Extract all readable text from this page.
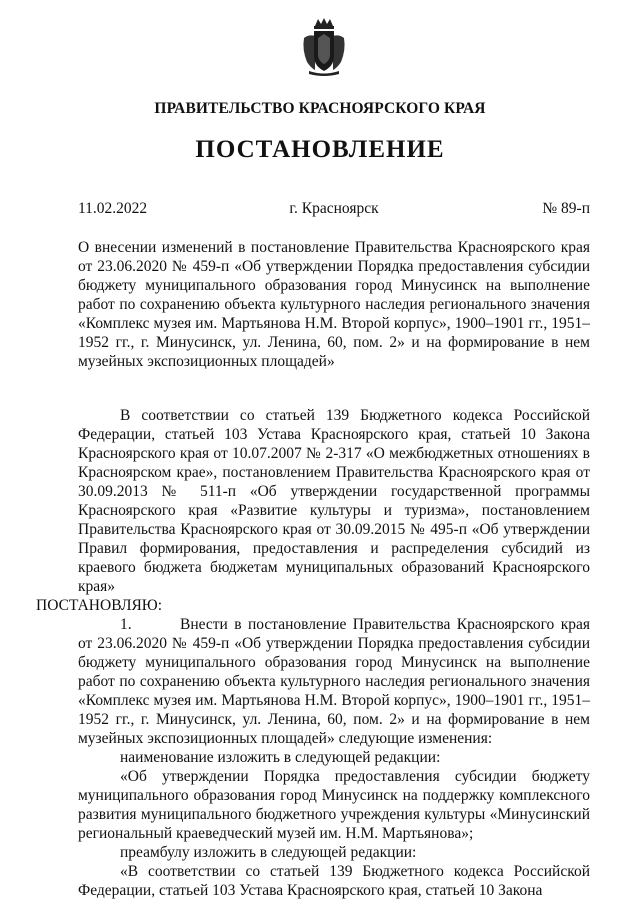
ПРАВИТЕЛЬСТВО КРАСНОЯРСКОГО КРАЯ
ПОСТАНОВЛЕНИЕ
11.02.2022	г. Красноярск	№ 89-п
О внесении изменений в постановление Правительства Красноярского края от 23.06.2020 № 459-п «Об утверждении Порядка предоставления субсидии бюджету муниципального образования город Минусинск на выполнение работ по сохранению объекта культурного наследия регионального значения «Комплекс музея им. Мартьянова Н.М. Второй корпус», 1900–1901 гг., 1951–1952 гг., г. Минусинск, ул. Ленина, 60, пом. 2» и на формирование в нем музейных экспозиционных площадей»

В соответствии со статьей 139 Бюджетного кодекса Российской Федерации, статьей 103 Устава Красноярского края, статьей 10 Закона Красноярского края от 10.07.2007 № 2-317 «О межбюджетных отношениях в Красноярском крае», постановлением Правительства Красноярского края от 30.09.2013 № 511-п «Об утверждении государственной программы Красноярского края «Развитие культуры и туризма», постановлением Правительства Красноярского края от 30.09.2015 № 495-п «Об утверждении Правил формирования, предоставления и распределения субсидий из краевого бюджета бюджетам муниципальных образований Красноярского края»
ПОСТАНОВЛЯЮ:

1.	Внести в постановление Правительства Красноярского края от 23.06.2020 № 459-п «Об утверждении Порядка предоставления субсидии бюджету муниципального образования город Минусинск на выполнение работ по сохранению объекта культурного наследия регионального значения «Комплекс музея им. Мартьянова Н.М. Второй корпус», 1900–1901 гг., 1951–1952 гг., г. Минусинск, ул. Ленина, 60, пом. 2» и на формирование в нем музейных экспозиционных площадей» следующие изменения:

наименование изложить в следующей редакции:

«Об утверждении Порядка предоставления субсидии бюджету муниципального образования город Минусинск на поддержку комплексного развития муниципального бюджетного учреждения культуры «Минусинский региональный краеведческий музей им. Н.М. Мартьянова»;

преамбулу изложить в следующей редакции:

«В соответствии со статьей 139 Бюджетного кодекса Российской Федерации, статьей 103 Устава Красноярского края, статьей 10 Закона
